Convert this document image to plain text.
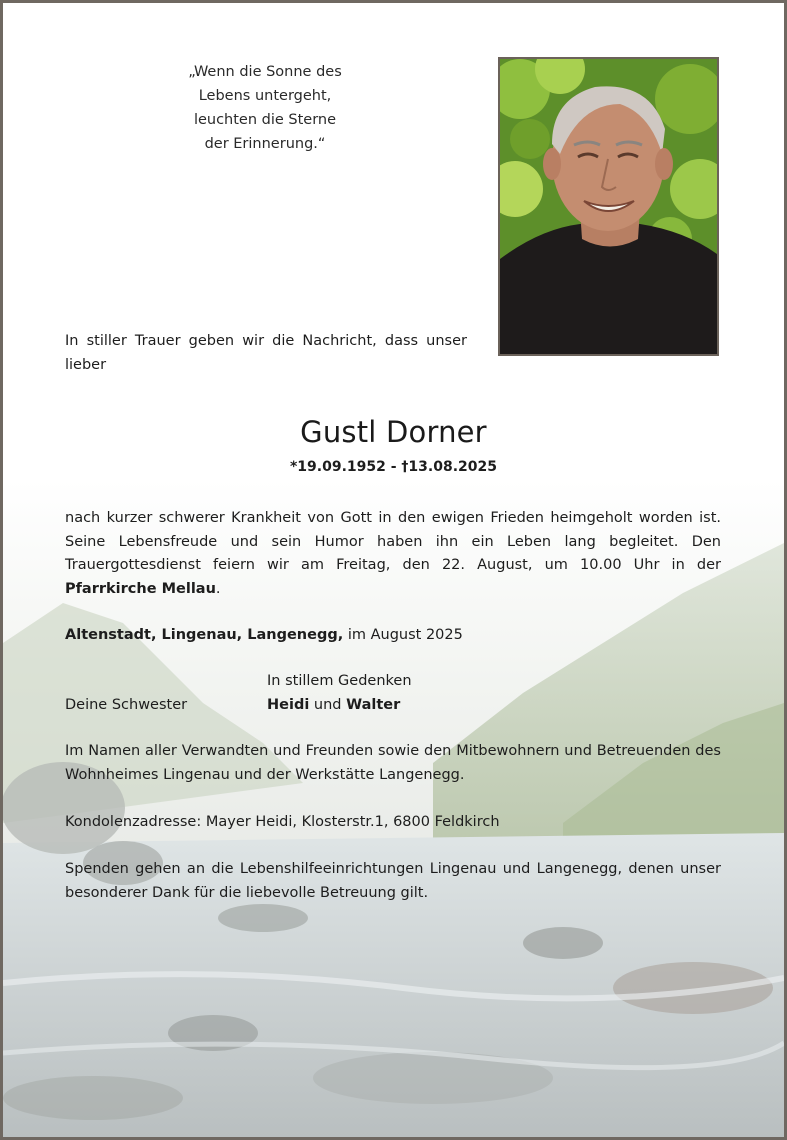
„Wenn die Sonne des
Lebens untergeht,
leuchten die Sterne
der Erinnerung.“
In stiller Trauer geben wir die Nachricht, dass unser lieber
Gustl Dorner
*19.09.1952 - †13.08.2025
nach kurzer schwerer Krankheit von Gott in den ewigen Frieden heimgeholt worden ist. Seine Lebensfreude und sein Humor haben ihn ein Leben lang begleitet. Den Trauergottesdienst feiern wir am Freitag, den 22. August, um 10.00 Uhr in der Pfarrkirche Mellau.
Altenstadt, Lingenau, Langenegg, im August 2025
Deine Schwester
In stillem Gedenken
Heidi und Walter
Im Namen aller Verwandten und Freunden sowie den Mitbewohnern und Betreuenden des Wohnheimes Lingenau und der Werkstätte Langenegg.
Kondolenzadresse: Mayer Heidi, Klosterstr.1, 6800 Feldkirch
Spenden gehen an die Lebenshilfeeinrichtungen Lingenau und Langenegg, denen unser besonderer Dank für die liebevolle Betreuung gilt.
